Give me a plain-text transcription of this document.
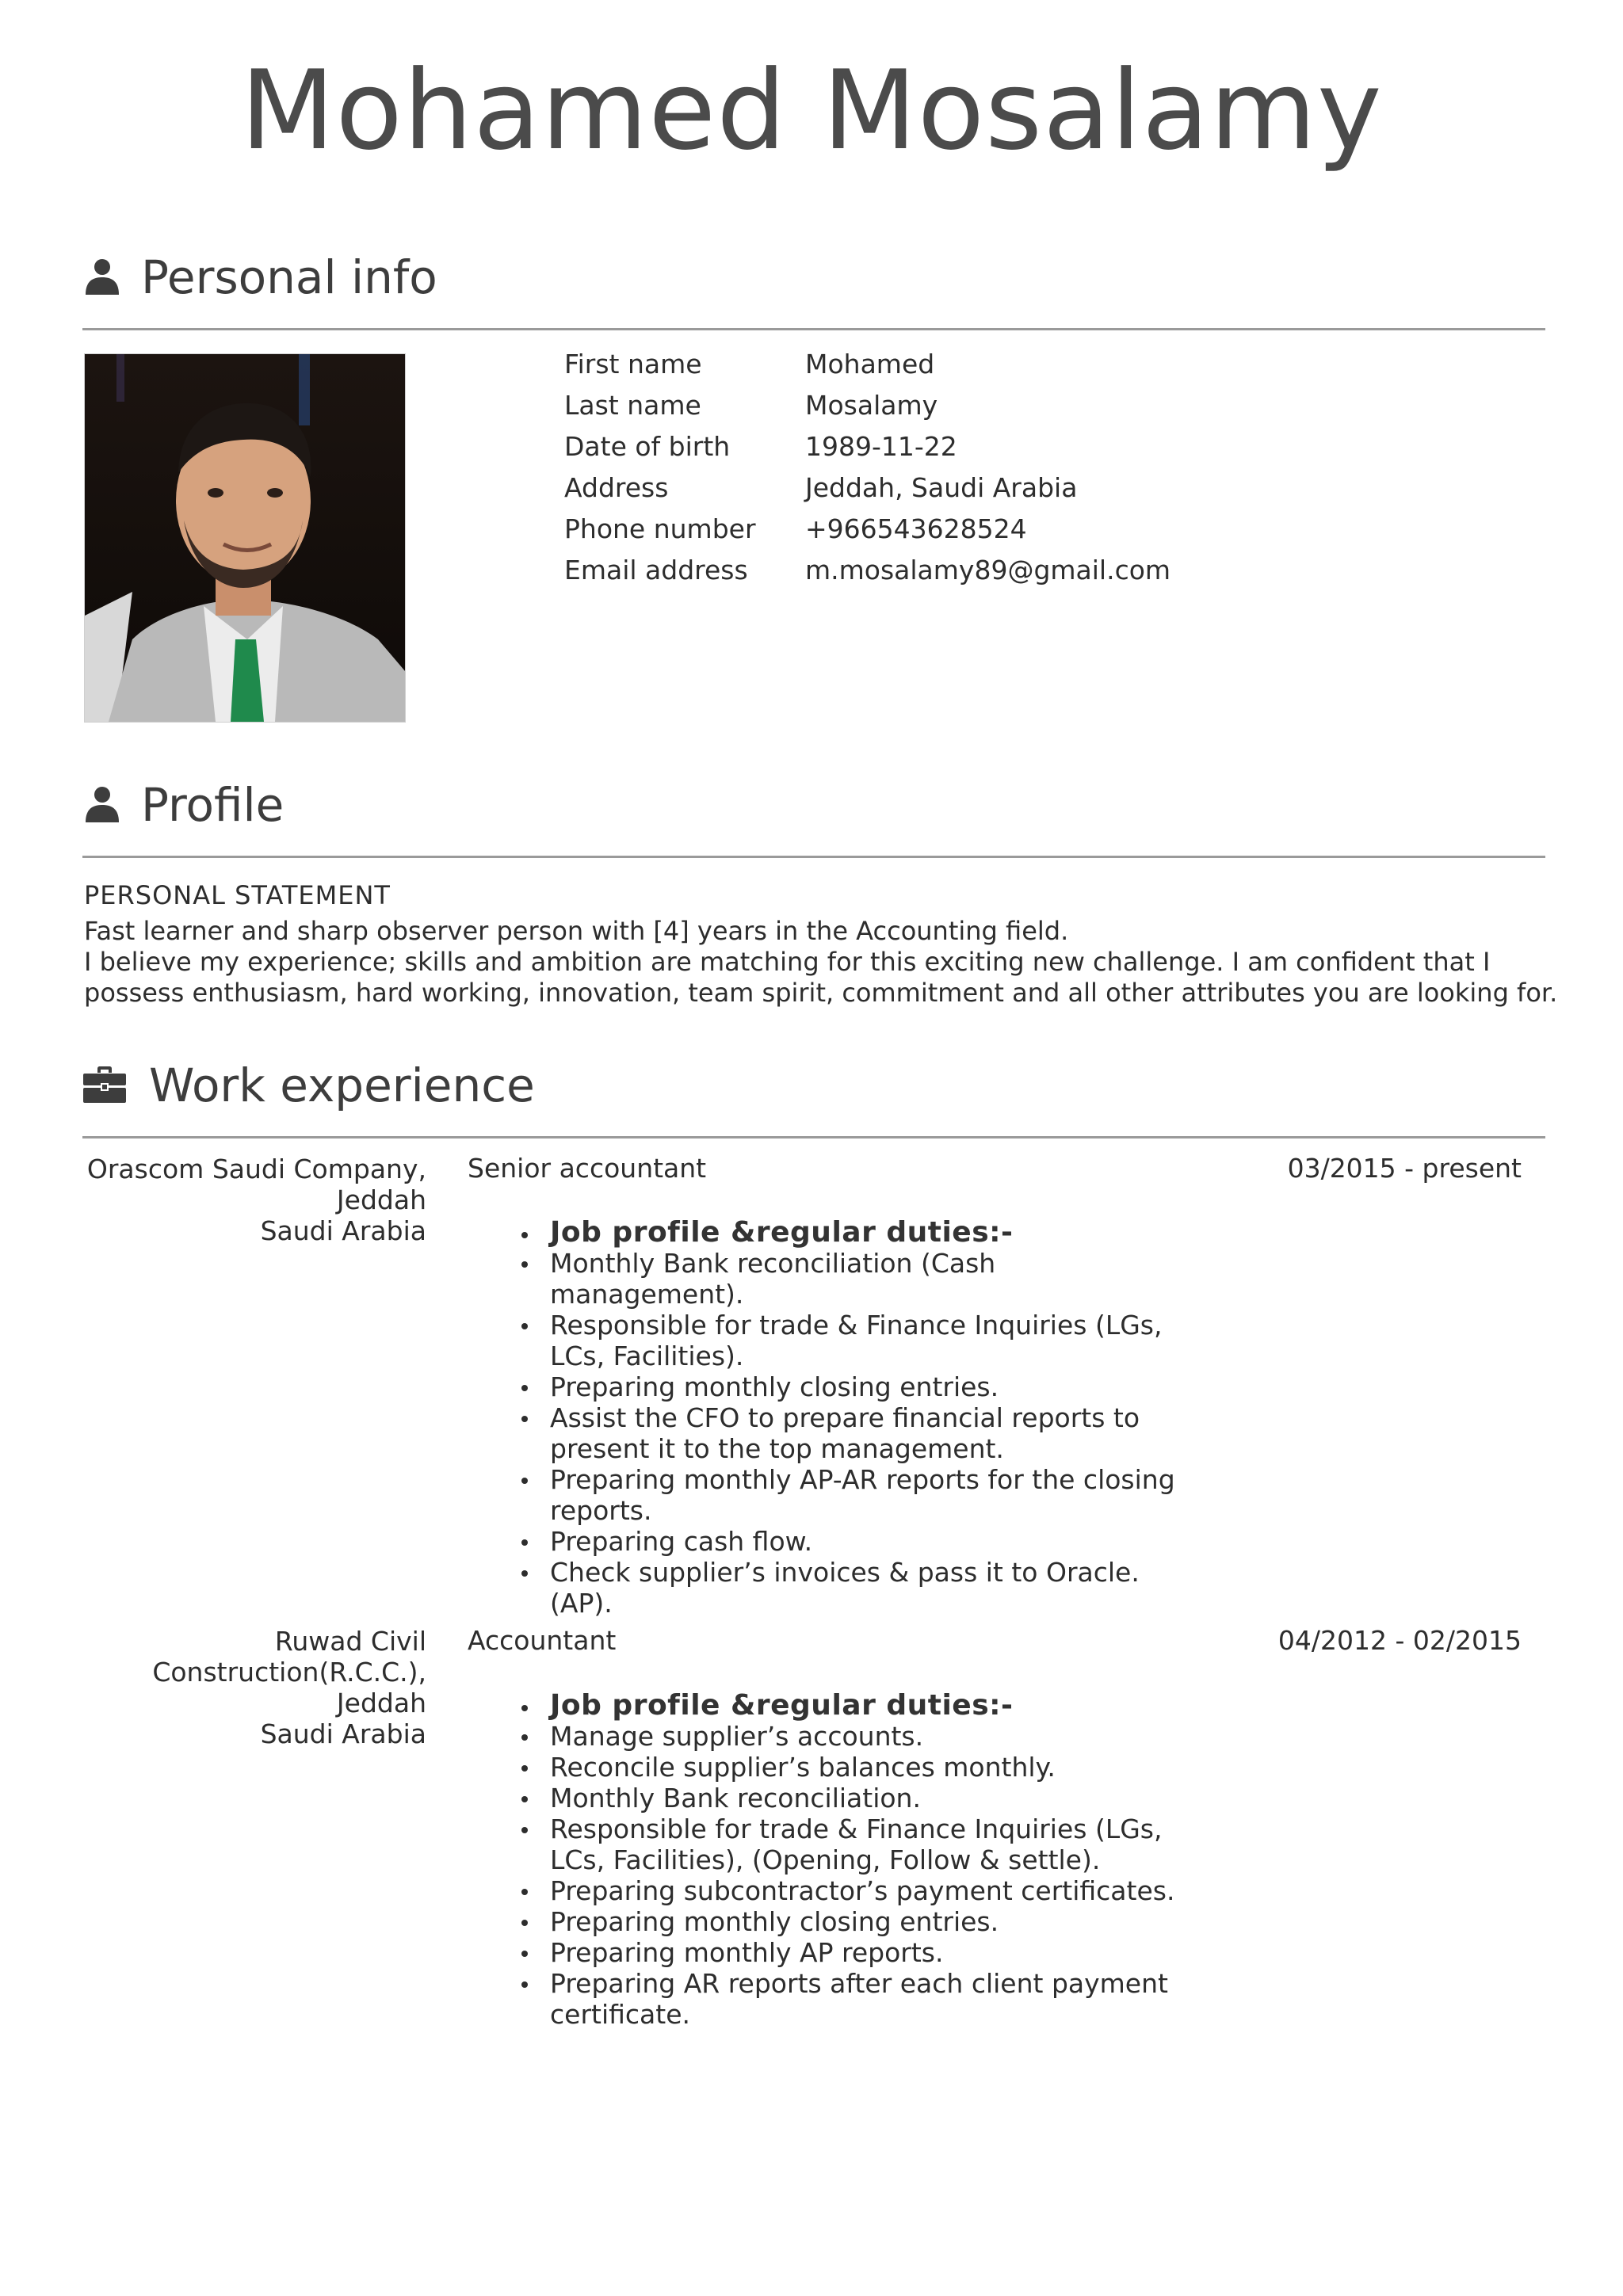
Mohamed Mosalamy
Personal info
First name	Mohamed
Last name	Mosalamy
Date of birth	1989-11-22
Address	Jeddah, Saudi Arabia
Phone number	+966543628524
Email address	m.mosalamy89@gmail.com
Profile
PERSONAL STATEMENT
Fast learner and sharp observer person with [4] years in the Accounting field.
I believe my experience; skills and ambition are matching for this exciting new challenge. I am confident that I
possess enthusiasm, hard working, innovation, team spirit, commitment and all other attributes you are looking for.
Work experience
Orascom Saudi Company,
Jeddah
Saudi Arabia
Senior accountant	03/2015 - present
Job profile &regular duties:-
Monthly Bank reconciliation (Cash management).
Responsible for trade & Finance Inquiries (LGs,
LCs, Facilities).
Preparing monthly closing entries.
Assist the CFO to prepare financial reports to
present it to the top management.
Preparing monthly AP-AR reports for the closing
reports.
Preparing cash flow.
Check supplier’s invoices & pass it to Oracle.
(AP).
Ruwad Civil
Construction(R.C.C.),
Jeddah
Saudi Arabia
Accountant	04/2012 - 02/2015
Job profile &regular duties:-
Manage supplier’s accounts.
Reconcile supplier’s balances monthly.
Monthly Bank reconciliation.
Responsible for trade & Finance Inquiries (LGs,
LCs, Facilities), (Opening, Follow & settle).
Preparing subcontractor’s payment certificates.
Preparing monthly closing entries.
Preparing monthly AP reports.
Preparing AR reports after each client payment
certificate.
